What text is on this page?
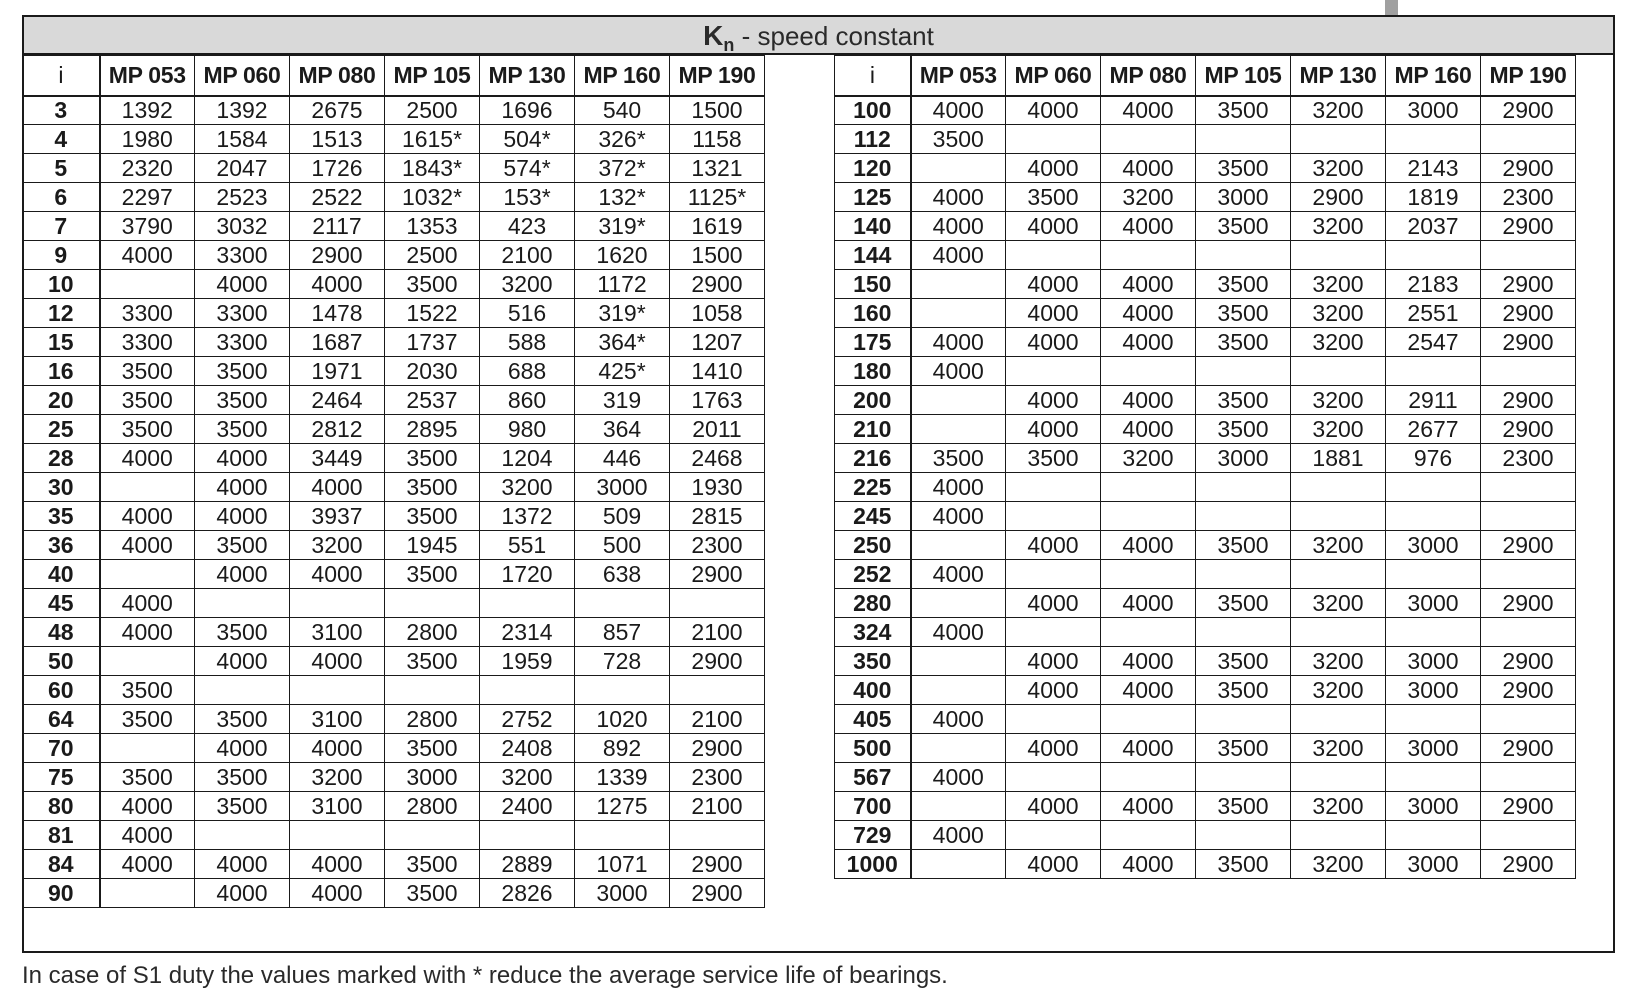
$K_n$ - speed constant
i	MP 053	MP 060	MP 080	MP 105	MP 130	MP 160	MP 190
3	1392	1392	2675	2500	1696	540	1500
4	1980	1584	1513	1615*	504*	326*	1158
5	2320	2047	1726	1843*	574*	372*	1321
6	2297	2523	2522	1032*	153*	132*	1125*
7	3790	3032	2117	1353	423	319*	1619
9	4000	3300	2900	2500	2100	1620	1500
10		4000	4000	3500	3200	1172	2900
12	3300	3300	1478	1522	516	319*	1058
15	3300	3300	1687	1737	588	364*	1207
16	3500	3500	1971	2030	688	425*	1410
20	3500	3500	2464	2537	860	319	1763
25	3500	3500	2812	2895	980	364	2011
28	4000	4000	3449	3500	1204	446	2468
30		4000	4000	3500	3200	3000	1930
35	4000	4000	3937	3500	1372	509	2815
36	4000	3500	3200	1945	551	500	2300
40		4000	4000	3500	1720	638	2900
45	4000						
48	4000	3500	3100	2800	2314	857	2100
50		4000	4000	3500	1959	728	2900
60	3500						
64	3500	3500	3100	2800	2752	1020	2100
70		4000	4000	3500	2408	892	2900
75	3500	3500	3200	3000	3200	1339	2300
80	4000	3500	3100	2800	2400	1275	2100
81	4000						
84	4000	4000	4000	3500	2889	1071	2900
90		4000	4000	3500	2826	3000	2900
i	MP 053	MP 060	MP 080	MP 105	MP 130	MP 160	MP 190
100	4000	4000	4000	3500	3200	3000	2900
112	3500						
120		4000	4000	3500	3200	2143	2900
125	4000	3500	3200	3000	2900	1819	2300
140	4000	4000	4000	3500	3200	2037	2900
144	4000						
150		4000	4000	3500	3200	2183	2900
160		4000	4000	3500	3200	2551	2900
175	4000	4000	4000	3500	3200	2547	2900
180	4000						
200		4000	4000	3500	3200	2911	2900
210		4000	4000	3500	3200	2677	2900
216	3500	3500	3200	3000	1881	976	2300
225	4000						
245	4000						
250		4000	4000	3500	3200	3000	2900
252	4000						
280		4000	4000	3500	3200	3000	2900
324	4000						
350		4000	4000	3500	3200	3000	2900
400		4000	4000	3500	3200	3000	2900
405	4000						
500		4000	4000	3500	3200	3000	2900
567	4000						
700		4000	4000	3500	3200	3000	2900
729	4000						
1000		4000	4000	3500	3200	3000	2900
In case of S1 duty the values marked with * reduce the average service life of bearings.
